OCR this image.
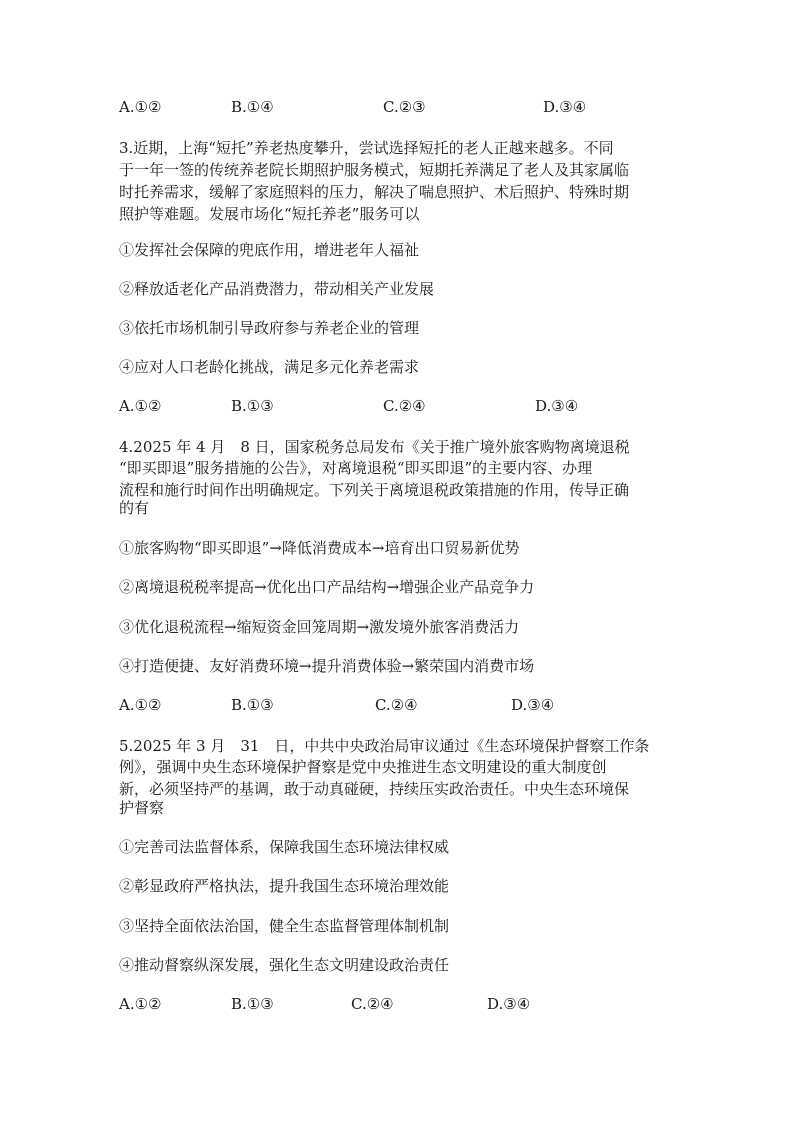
A.①②	B.①④	C.②③	D.③④
3.近期，上海“短托”养老热度攀升，尝试选择短托的老人正越来越多。不同
于一年一签的传统养老院长期照护服务模式，短期托养满足了老人及其家属临
时托养需求，缓解了家庭照料的压力，解决了喘息照护、术后照护、特殊时期
照护等难题。发展市场化“短托养老”服务可以
①发挥社会保障的兜底作用，增进老年人福祉
②释放适老化产品消费潜力，带动相关产业发展
③依托市场机制引导政府参与养老企业的管理
④应对人口老龄化挑战，满足多元化养老需求
A.①②	B.①③	C.②④	D.③④
4.2025 年 4 月　8 日，国家税务总局发布《关于推广境外旅客购物离境退税
“即买即退”服务措施的公告》，对离境退税“即买即退”的主要内容、办理
流程和施行时间作出明确规定。下列关于离境退税政策措施的作用，传导正确
的有
①旅客购物“即买即退”→降低消费成本→培育出口贸易新优势
②离境退税税率提高→优化出口产品结构→增强企业产品竞争力
③优化退税流程→缩短资金回笼周期→激发境外旅客消费活力
④打造便捷、友好消费环境→提升消费体验→繁荣国内消费市场
A.①②	B.①③	C.②④	D.③④
5.2025 年 3 月　31　日，中共中央政治局审议通过《生态环境保护督察工作条
例》，强调中央生态环境保护督察是党中央推进生态文明建设的重大制度创
新，必须坚持严的基调，敢于动真碰硬，持续压实政治责任。中央生态环境保
护督察
①完善司法监督体系，保障我国生态环境法律权威
②彰显政府严格执法，提升我国生态环境治理效能
③坚持全面依法治国，健全生态监督管理体制机制
④推动督察纵深发展，强化生态文明建设政治责任
A.①②	B.①③	C.②④	D.③④
